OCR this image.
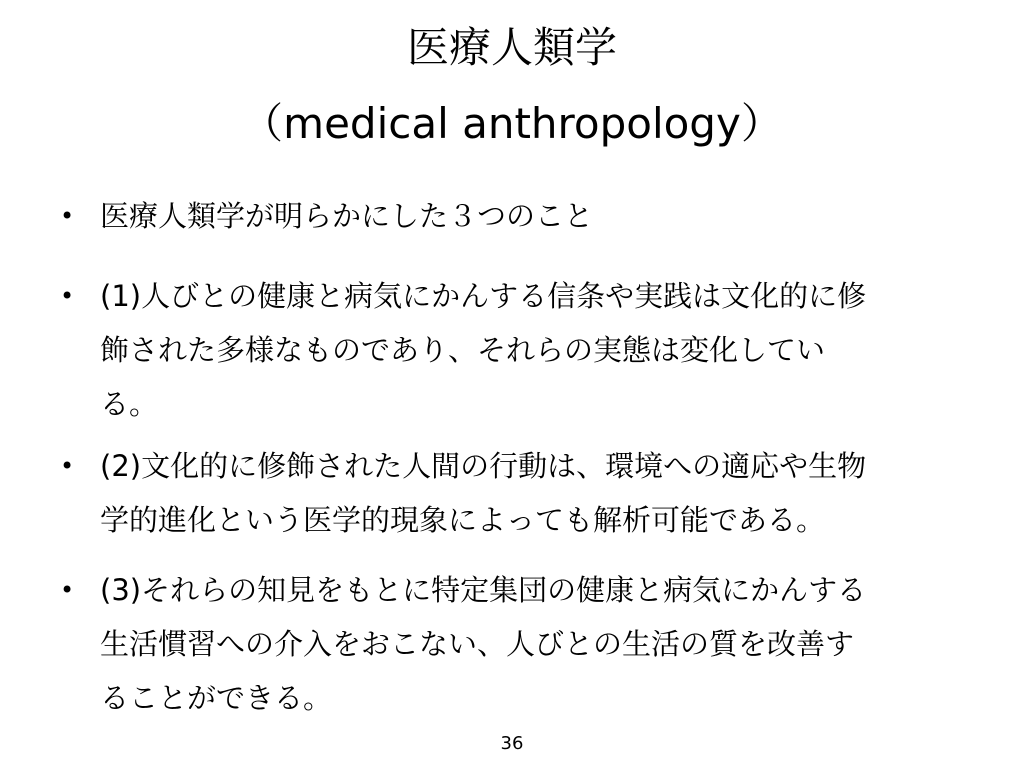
医療人類学
（medical anthropology）
• 医療人類学が明らかにした３つのこと
• (1)人びとの健康と病気にかんする信条や実践は文化的に修
飾された多様なものであり、それらの実態は変化してい
る。
• (2)文化的に修飾された人間の行動は、環境への適応や生物
学的進化という医学的現象によっても解析可能である。
• (3)それらの知見をもとに特定集団の健康と病気にかんする
生活慣習への介入をおこない、人びとの生活の質を改善す
ることができる。
36
